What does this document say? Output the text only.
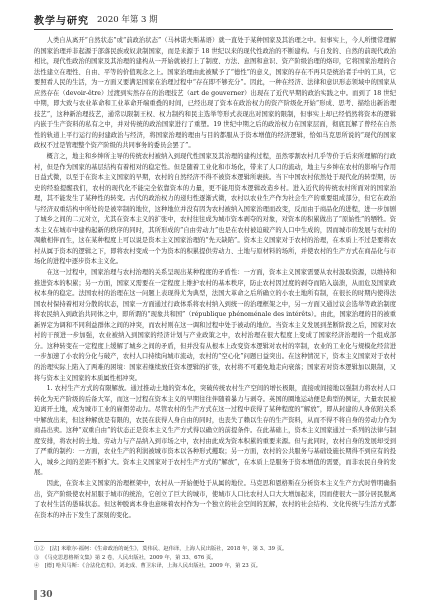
教学与研究 2020 年第 3 期

人类自从离开“自然状态”或“前政治状态”（马林诺夫斯基语）就一直处于某种国家及其治理之中。但事实上，今人所惯常理解的国家治理并非起源于部落民族或奴隶制国家，而是来源于 18 世纪以来的现代性政治的不断建构。与自发的、自然的前现代政治相比，现代性政治的国家及其治理的建构从一开始就被打上了制度、方法、意图和意识、资产阶级治理的烙印，它将国家治理的合法性建立在理性、自由、平等的价值观念之上。国家治理由此被赋予了“德性”的意义，国家的存在不再只是统治者手中的工具，它要照看人民的生活，为一方面又要满足国家在治理过程中“存在即不够充分”。因此，一种在经济、法律和意识形态领域中的国家从应然存在（devoir-être）过渡到实然存在的治理技艺（art de gouverner）出现在了近代早期的政治实践之中。而到了 18 世纪中期，即大致与农业革命和工业革命开端重叠的时间，已经出现了资本在政治权力的资产阶级化开始“形成、思考、描绘出新治理技艺”，这种新治理技艺，通常以限制王权、权力制约和民主选举等形式表现出对国家的限制，但事实上却已经悄然将资本的逻辑内嵌于生产资料的私有之中，并对传统的政治国家进行了重塑。19 世纪中期之后的政治权力在国家层面，彻底瓦解了曾经在自然性的轨道上平行运行的封建政治与经济，将国家治理的理由与目的都服从于资本增值的经济逻辑，恰如马克思所说的“现代的国家政权不过是管理整个资产阶级的共同事务的委员会罢了”。

概言之，地主和乡绅所主导的传统农村被纳入到现代性国家及其治理的建构过程，虽然零割农村几乎等价于后来所理解的行政村，但是作为国家的基层结构有着相对的稳定性。但是随着工业化和市场化，带来了人口的流动，地主与乡绅在农村的影响与作用日益式微，以至于在资本主义国家的早期，农村的自然经济不得不被资本逻辑所裹挟。当下中国农村依然处于现代化的转型期，历史的经验提醒我们，农村的现代化不能完全依靠资本的力量，更不能用资本逻辑改造乡村。进入近代的传统农村所面对的国家治理，其不能发生了某种性的转变。古代的政治权力的递归性逐渐式微，农村以农业生产作为社会生产的重要组成部分，但它在政治与经济双重结构中所处的是被宰制的地位，这种地位并没有因为农村被纳入国家治理而改变，反而由于商品化的进程，进一步加剧了城乡之间的二元对立，尤其在资本主义的扩张中，农村往往成为城市资本剥夺的对象，对资本的积累做出了“原始性”的牺牲。资本主义在城市中建构起新的秩序的同时，其所形成的“自由劳动力”也是在农村被迫破产的人口中生成的，因而城市的发展与农村的凋敝相伴而生，这在某种程度上可以说是资本主义国家治理的“先天缺陷”。资本主义国家对于农村的治理，在本质上不过是要将农村从属于资本的逻辑之下，即将农村变成一个为资本的积累提供劳动力、土地与原材料的场所，并使农村的生产方式在商品化与市场化的进程中逐步资本主义化。

在这一过程中，国家治理与农村治理的关系呈现出某种程度的矛盾性：一方面，资本主义国家需要从农村汲取资源，以维持和推进资本的积累；另一方面，国家又需要在一定程度上维护农村的基本秩序，防止农村因过度的剥夺而陷入崩溃，从而危及国家政权本身的稳定。法国农村的治理在这一问题上表现得尤为典型，法国大革命之后所确立的小农土地所有制，在很长的时期内使得法国农村保持着相对分散的状态，国家一方面通过行政体系将农村纳入到统一的治理框架之中，另一方面又通过议会选举等政治制度将农民纳入到政治共同体之中，即所谓的“现象共和国”（république phénoménale des intérêts）。由此，国家治理的目的被重新界定为调和不同利益群体之间的冲突，而农村则在这一调和过程中处于被动的地位。当资本主义发展到垄断阶段之后，国家对农村的干预进一步加强，农业被纳入到国家的经济计划与产业政策之中，农村治理在很大程度上变成了国家经济治理的一个组成部分。这种转变在一定程度上缓解了城乡之间的矛盾，但并没有从根本上改变资本逻辑对农村的宰制，农业的工业化与规模化经营进一步加速了小农的分化与破产，农村人口持续向城市流动，农村的“空心化”问题日益突出。在这种情况下，资本主义国家对于农村的治理实际上陷入了两难的困境：国家若继续放任资本逻辑的扩张，农村将不可避免地走向衰落；国家若对资本逻辑加以限制，又将与资本主义国家的本质属性相冲突。

1. 农村生产方式的有限解放。通过推动土地的资本化，突破传统农村生产空间的增长极限，直接或间接地以强制力将农村人口转化为无产阶级的后备大军，而这一过程在资本主义的早期往往伴随着暴力与剥夺。英国的圈地运动便是典型的例证，大量农民被迫离开土地，成为城市工业的雇佣劳动力。尽管农村的生产方式在这一过程中获得了某种程度的“解放”，即从封建的人身依附关系中解放出来，但这种解放是有限的，农民在获得人身自由的同时，也丧失了赖以生存的生产资料，从而不得不将自身的劳动力作为商品出卖。这种“双重自由”的状态正是资本主义生产方式得以确立的前提条件。在此基础上，资本主义国家通过一系列的法律与制度安排，将农村的土地、劳动力与产品纳入到市场之中，农村由此成为资本积累的重要来源。但与此同时，农村自身的发展却受到了严重的制约：一方面，农业生产的利润被城市资本以各种形式攫取；另一方面，农村的公共服务与基础设施长期得不到应有的投入，城乡之间的差距不断扩大。资本主义国家对于农村生产方式的“解放”，在本质上是服务于资本增值的需要，而非农民自身的发展。

因此，在资本主义国家的治理框架中，农村从一开始便处于从属的地位。马克思和恩格斯在分析资本主义生产方式时曾明确指出，资产阶级使农村屈服于城市的统治，它创立了巨大的城市，使城市人口比农村人口大大增加起来，因而使很大一部分居民脱离了农村生活的愚昧状态。但这种脱离本身也意味着农村作为一个独立的社会空间的瓦解，农村的社会结构、文化传统与生活方式都在资本的冲击下发生了深刻的变化。

①②　[法] 米歇尔·福柯：《生命政治的诞生》，莫伟民、赵伟译，上海人民出版社，2018 年，第 3、39 页。
③　《马克思恩格斯文集》第 2 卷，人民出版社，2009 年，第 33、676 页。
④　[德] 哈贝马斯：《合法化危机》，刘北成、曹卫东译，上海人民出版社，2009 年，第 23 页。
30
